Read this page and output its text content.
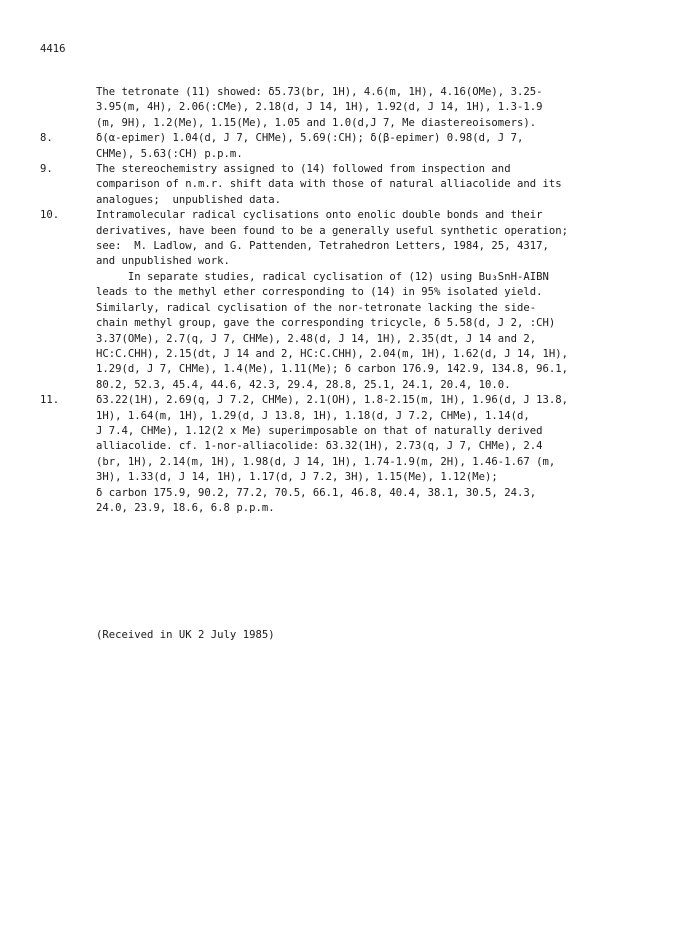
4416
The tetronate (11) showed: δ5.73(br, 1H), 4.6(m, 1H), 4.16(OMe), 3.25-
3.95(m, 4H), 2.06(:CMe), 2.18(d, J 14, 1H), 1.92(d, J 14, 1H), 1.3-1.9
(m, 9H), 1.2(Me), 1.15(Me), 1.05 and 1.0(d,J 7, Me diastereoisomers).
8.	δ(α-epimer) 1.04(d, J 7, CHMe), 5.69(:CH); δ(β-epimer) 0.98(d, J 7,
CHMe), 5.63(:CH) p.p.m.
9.	The stereochemistry assigned to (14) followed from inspection and
comparison of n.m.r. shift data with those of natural alliacolide and its
analogues;  unpublished data.
10.	Intramolecular radical cyclisations onto enolic double bonds and their
derivatives, have been found to be a generally useful synthetic operation;
see:  M. Ladlow, and G. Pattenden, Tetrahedron Letters, 1984, 25, 4317,
and unpublished work.
In separate studies, radical cyclisation of (12) using Bu₃SnH-AIBN
leads to the methyl ether corresponding to (14) in 95% isolated yield.
Similarly, radical cyclisation of the nor-tetronate lacking the side-
chain methyl group, gave the corresponding tricycle, δ 5.58(d, J 2, :CH)
3.37(OMe), 2.7(q, J 7, CHMe), 2.48(d, J 14, 1H), 2.35(dt, J 14 and 2,
HC:C.CHH), 2.15(dt, J 14 and 2, HC:C.CHH), 2.04(m, 1H), 1.62(d, J 14, 1H),
1.29(d, J 7, CHMe), 1.4(Me), 1.11(Me); δ carbon 176.9, 142.9, 134.8, 96.1,
80.2, 52.3, 45.4, 44.6, 42.3, 29.4, 28.8, 25.1, 24.1, 20.4, 10.0.
11.	δ3.22(1H), 2.69(q, J 7.2, CHMe), 2.1(OH), 1.8-2.15(m, 1H), 1.96(d, J 13.8,
1H), 1.64(m, 1H), 1.29(d, J 13.8, 1H), 1.18(d, J 7.2, CHMe), 1.14(d,
J 7.4, CHMe), 1.12(2 x Me) superimposable on that of naturally derived
alliacolide. cf. 1-nor-alliacolide: δ3.32(1H), 2.73(q, J 7, CHMe), 2.4
(br, 1H), 2.14(m, 1H), 1.98(d, J 14, 1H), 1.74-1.9(m, 2H), 1.46-1.67 (m,
3H), 1.33(d, J 14, 1H), 1.17(d, J 7.2, 3H), 1.15(Me), 1.12(Me);
δ carbon 175.9, 90.2, 77.2, 70.5, 66.1, 46.8, 40.4, 38.1, 30.5, 24.3,
24.0, 23.9, 18.6, 6.8 p.p.m.
(Received in UK 2 July 1985)
